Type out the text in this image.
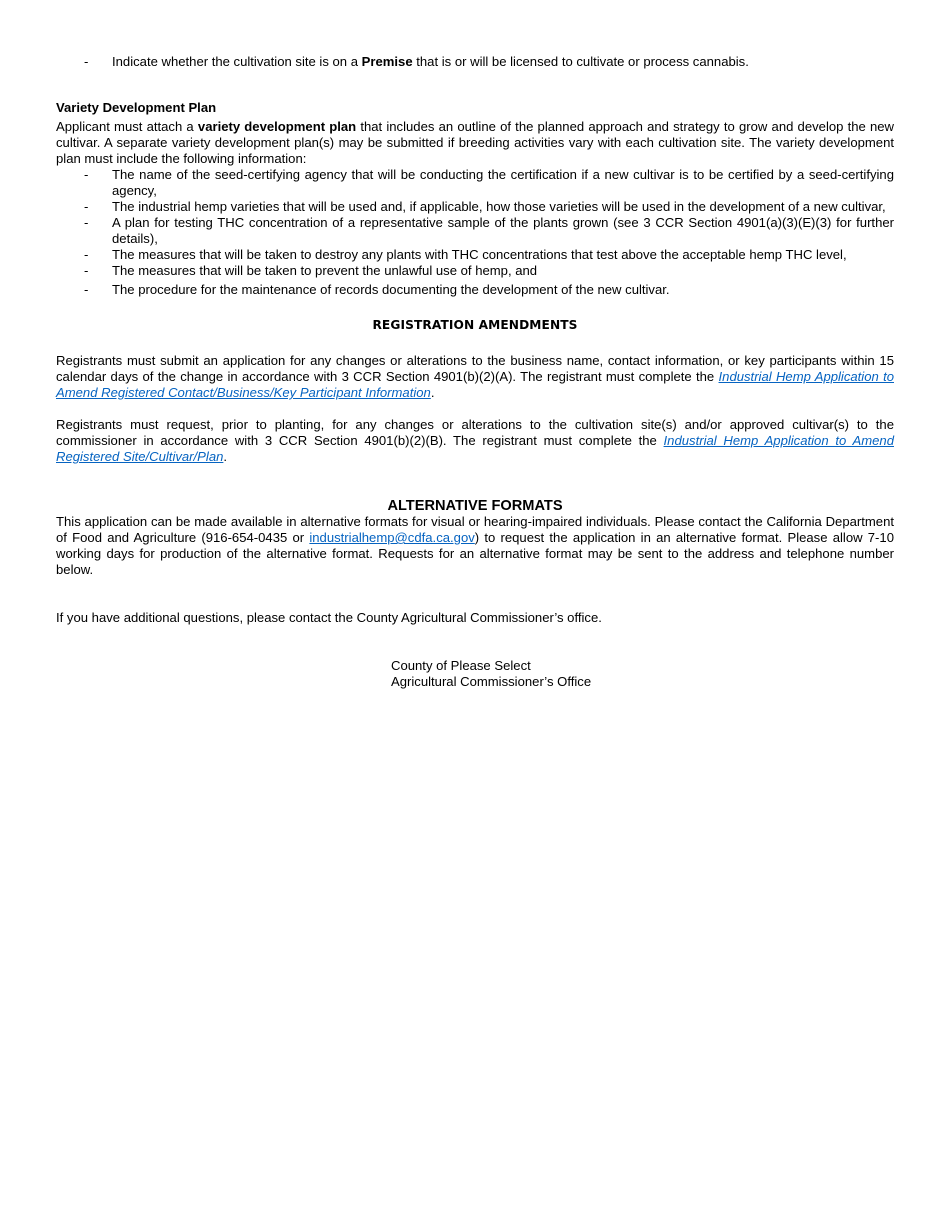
-	Indicate whether the cultivation site is on a Premise that is or will be licensed to cultivate or process cannabis.
Variety Development Plan
Applicant must attach a variety development plan that includes an outline of the planned approach and strategy to grow and develop the new cultivar. A separate variety development plan(s) may be submitted if breeding activities vary with each cultivation site. The variety development plan must include the following information:
-	The name of the seed-certifying agency that will be conducting the certification if a new cultivar is to be certified by a seed-certifying agency,
-	The industrial hemp varieties that will be used and, if applicable, how those varieties will be used in the development of a new cultivar,
-	A plan for testing THC concentration of a representative sample of the plants grown (see 3 CCR Section 4901(a)(3)(E)(3) for further details),
-	The measures that will be taken to destroy any plants with THC concentrations that test above the acceptable hemp THC level,
-	The measures that will be taken to prevent the unlawful use of hemp, and
-	The procedure for the maintenance of records documenting the development of the new cultivar.
REGISTRATION AMENDMENTS
Registrants must submit an application for any changes or alterations to the business name, contact information, or key participants within 15 calendar days of the change in accordance with 3 CCR Section 4901(b)(2)(A). The registrant must complete the Industrial Hemp Application to Amend Registered Contact/Business/Key Participant Information.
Registrants must request, prior to planting, for any changes or alterations to the cultivation site(s) and/or approved cultivar(s) to the commissioner in accordance with 3 CCR Section 4901(b)(2)(B). The registrant must complete the Industrial Hemp Application to Amend Registered Site/Cultivar/Plan.
ALTERNATIVE FORMATS
This application can be made available in alternative formats for visual or hearing-impaired individuals. Please contact the California Department of Food and Agriculture (916-654-0435 or industrialhemp@cdfa.ca.gov) to request the application in an alternative format. Please allow 7-10 working days for production of the alternative format. Requests for an alternative format may be sent to the address and telephone number below.
If you have additional questions, please contact the County Agricultural Commissioner’s office.
County of Please Select
Agricultural Commissioner’s Office
